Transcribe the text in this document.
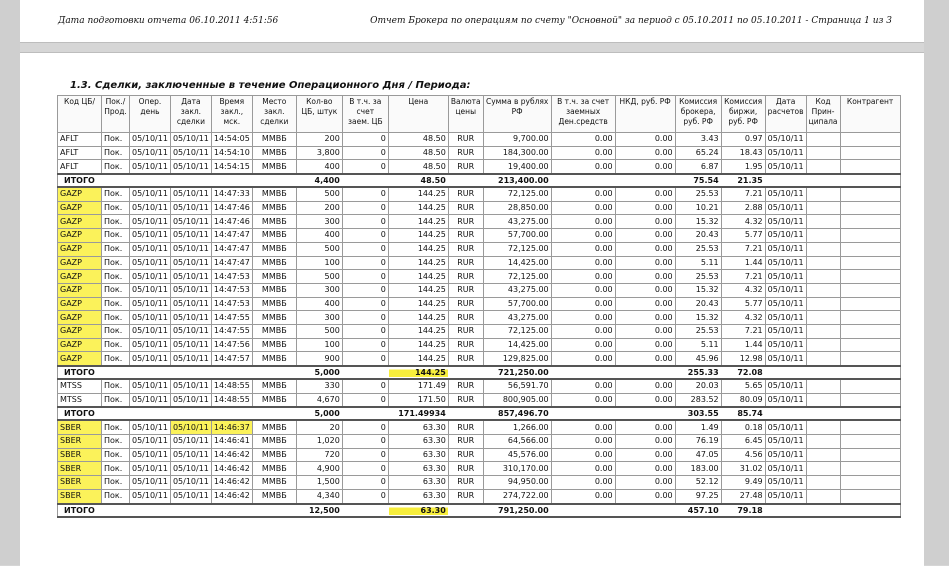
Дата подготовки отчета 06.10.2011 4:51:56	Отчет Брокера по операциям по счету "Основной" за период с 05.10.2011 по 05.10.2011 - Страница 1 из 3
1.3. Сделки, заключенные в течение Операционного Дня / Периода:
Код ЦБ/	Пок./ Прод.	Опер. день	Дата закл. сделки	Время закл., мск.	Место закл. сделки	Кол-во ЦБ, штук	В т.ч. за счет заем. ЦБ	Цена	Валюта цены	Сумма в рублях РФ	В т.ч. за счет заемных Ден.средств	НКД, руб. РФ	Комиссия брокера, руб. РФ	Комиссия биржи, руб. РФ	Дата расчетов	Код Прин-ципала	Контрагент
AFLT	Пок.	05/10/11	05/10/11	14:54:05	ММВБ	200	0	48.50	RUR	9,700.00	0.00	0.00	3.43	0.97	05/10/11		
AFLT	Пок.	05/10/11	05/10/11	14:54:10	ММВБ	3,800	0	48.50	RUR	184,300.00	0.00	0.00	65.24	18.43	05/10/11		
AFLT	Пок.	05/10/11	05/10/11	14:54:15	ММВБ	400	0	48.50	RUR	19,400.00	0.00	0.00	6.87	1.95	05/10/11		
ИТОГО						4,400		48.50		213,400.00			75.54	21.35			
GAZP	Пок.	05/10/11	05/10/11	14:47:33	ММВБ	500	0	144.25	RUR	72,125.00	0.00	0.00	25.53	7.21	05/10/11		
GAZP	Пок.	05/10/11	05/10/11	14:47:46	ММВБ	200	0	144.25	RUR	28,850.00	0.00	0.00	10.21	2.88	05/10/11		
GAZP	Пок.	05/10/11	05/10/11	14:47:46	ММВБ	300	0	144.25	RUR	43,275.00	0.00	0.00	15.32	4.32	05/10/11		
GAZP	Пок.	05/10/11	05/10/11	14:47:47	ММВБ	400	0	144.25	RUR	57,700.00	0.00	0.00	20.43	5.77	05/10/11		
GAZP	Пок.	05/10/11	05/10/11	14:47:47	ММВБ	500	0	144.25	RUR	72,125.00	0.00	0.00	25.53	7.21	05/10/11		
GAZP	Пок.	05/10/11	05/10/11	14:47:47	ММВБ	100	0	144.25	RUR	14,425.00	0.00	0.00	5.11	1.44	05/10/11		
GAZP	Пок.	05/10/11	05/10/11	14:47:53	ММВБ	500	0	144.25	RUR	72,125.00	0.00	0.00	25.53	7.21	05/10/11		
GAZP	Пок.	05/10/11	05/10/11	14:47:53	ММВБ	300	0	144.25	RUR	43,275.00	0.00	0.00	15.32	4.32	05/10/11		
GAZP	Пок.	05/10/11	05/10/11	14:47:53	ММВБ	400	0	144.25	RUR	57,700.00	0.00	0.00	20.43	5.77	05/10/11		
GAZP	Пок.	05/10/11	05/10/11	14:47:55	ММВБ	300	0	144.25	RUR	43,275.00	0.00	0.00	15.32	4.32	05/10/11		
GAZP	Пок.	05/10/11	05/10/11	14:47:55	ММВБ	500	0	144.25	RUR	72,125.00	0.00	0.00	25.53	7.21	05/10/11		
GAZP	Пок.	05/10/11	05/10/11	14:47:56	ММВБ	100	0	144.25	RUR	14,425.00	0.00	0.00	5.11	1.44	05/10/11		
GAZP	Пок.	05/10/11	05/10/11	14:47:57	ММВБ	900	0	144.25	RUR	129,825.00	0.00	0.00	45.96	12.98	05/10/11		
ИТОГО						5,000		144.25		721,250.00			255.33	72.08			
MTSS	Пок.	05/10/11	05/10/11	14:48:55	ММВБ	330	0	171.49	RUR	56,591.70	0.00	0.00	20.03	5.65	05/10/11		
MTSS	Пок.	05/10/11	05/10/11	14:48:55	ММВБ	4,670	0	171.50	RUR	800,905.00	0.00	0.00	283.52	80.09	05/10/11		
ИТОГО						5,000		171.49934		857,496.70			303.55	85.74			
SBER	Пок.	05/10/11	05/10/11	14:46:37	ММВБ	20	0	63.30	RUR	1,266.00	0.00	0.00	1.49	0.18	05/10/11		
SBER	Пок.	05/10/11	05/10/11	14:46:41	ММВБ	1,020	0	63.30	RUR	64,566.00	0.00	0.00	76.19	6.45	05/10/11		
SBER	Пок.	05/10/11	05/10/11	14:46:42	ММВБ	720	0	63.30	RUR	45,576.00	0.00	0.00	47.05	4.56	05/10/11		
SBER	Пок.	05/10/11	05/10/11	14:46:42	ММВБ	4,900	0	63.30	RUR	310,170.00	0.00	0.00	183.00	31.02	05/10/11		
SBER	Пок.	05/10/11	05/10/11	14:46:42	ММВБ	1,500	0	63.30	RUR	94,950.00	0.00	0.00	52.12	9.49	05/10/11		
SBER	Пок.	05/10/11	05/10/11	14:46:42	ММВБ	4,340	0	63.30	RUR	274,722.00	0.00	0.00	97.25	27.48	05/10/11		
ИТОГО						12,500		63.30		791,250.00			457.10	79.18			
